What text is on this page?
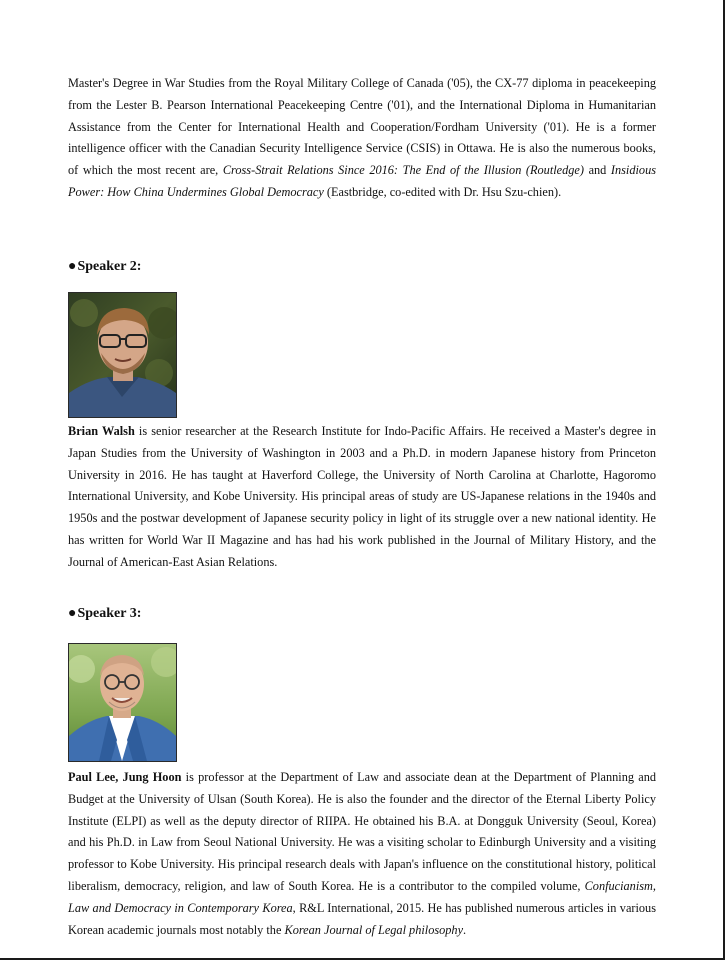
Master's Degree in War Studies from the Royal Military College of Canada ('05), the CX-77 diploma in peacekeeping from the Lester B. Pearson International Peacekeeping Centre ('01), and the International Diploma in Humanitarian Assistance from the Center for International Health and Cooperation/Fordham University ('01). He is a former intelligence officer with the Canadian Security Intelligence Service (CSIS) in Ottawa. He is also the numerous books, of which the most recent are, Cross-Strait Relations Since 2016: The End of the Illusion (Routledge) and Insidious Power: How China Undermines Global Democracy (Eastbridge, co-edited with Dr. Hsu Szu-chien).

●Speaker 2:

Brian Walsh is senior researcher at the Research Institute for Indo-Pacific Affairs. He received a Master's degree in Japan Studies from the University of Washington in 2003 and a Ph.D. in modern Japanese history from Princeton University in 2016. He has taught at Haverford College, the University of North Carolina at Charlotte, Hagoromo International University, and Kobe University. His principal areas of study are US-Japanese relations in the 1940s and 1950s and the postwar development of Japanese security policy in light of its struggle over a new national identity. He has written for World War II Magazine and has had his work published in the Journal of Military History, and the Journal of American-East Asian Relations.

●Speaker 3:

Paul Lee, Jung Hoon is professor at the Department of Law and associate dean at the Department of Planning and Budget at the University of Ulsan (South Korea). He is also the founder and the director of the Eternal Liberty Policy Institute (ELPI) as well as the deputy director of RIIPA. He obtained his B.A. at Dongguk University (Seoul, Korea) and his Ph.D. in Law from Seoul National University. He was a visiting scholar to Edinburgh University and a visiting professor to Kobe University. His principal research deals with Japan's influence on the constitutional history, political liberalism, democracy, religion, and law of South Korea. He is a contributor to the compiled volume, Confucianism, Law and Democracy in Contemporary Korea, R&L International, 2015. He has published numerous articles in various Korean academic journals most notably the Korean Journal of Legal philosophy.
